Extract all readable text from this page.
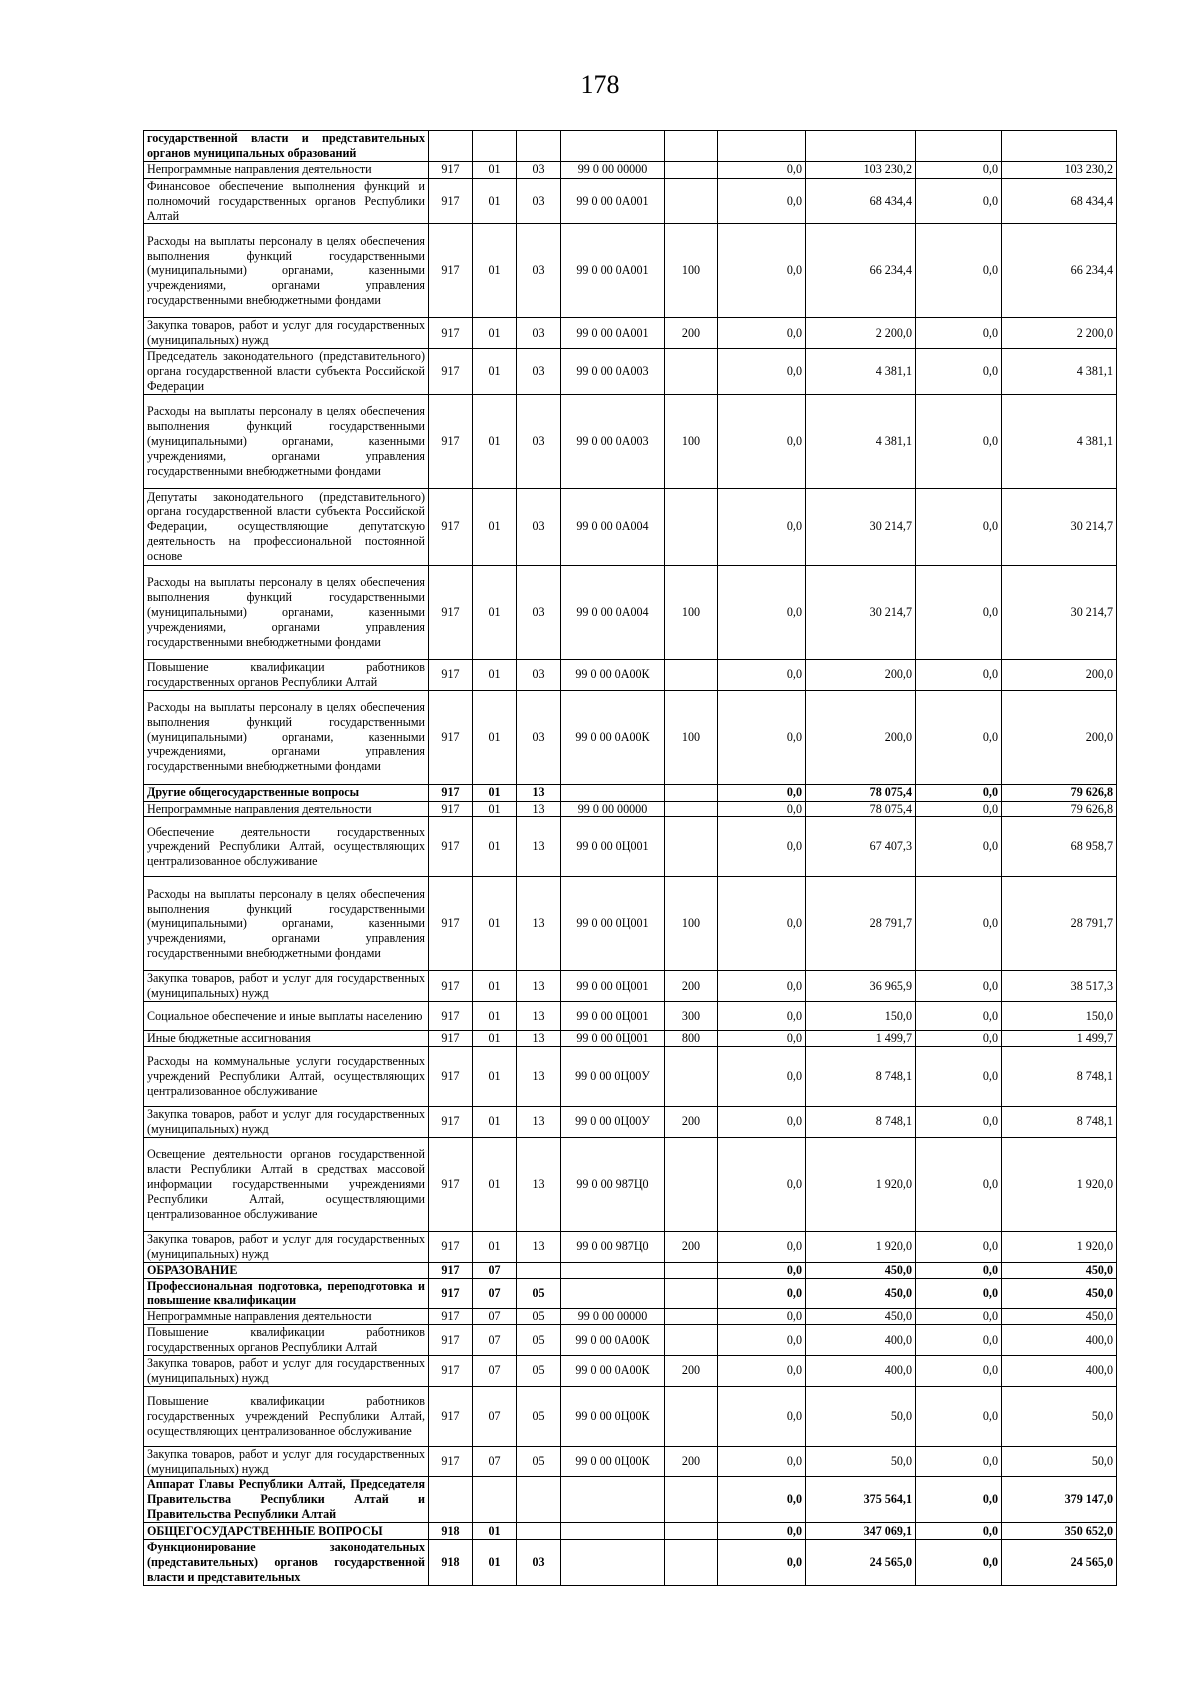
178
государственной власти и представительных органов муниципальных образований									
Непрограммные направления деятельности	917	01	03	99 0 00 00000		0,0	103 230,2	0,0	103 230,2
Финансовое обеспечение выполнения функций и полномочий государственных органов Республики Алтай	917	01	03	99 0 00 0А001		0,0	68 434,4	0,0	68 434,4
Расходы на выплаты персоналу в целях обеспечения выполнения функций государственными (муниципальными) органами, казенными учреждениями, органами управления государственными внебюджетными фондами	917	01	03	99 0 00 0А001	100	0,0	66 234,4	0,0	66 234,4
Закупка товаров, работ и услуг для государственных (муниципальных) нужд	917	01	03	99 0 00 0А001	200	0,0	2 200,0	0,0	2 200,0
Председатель законодательного (представительного) органа государственной власти субъекта Российской Федерации	917	01	03	99 0 00 0А003		0,0	4 381,1	0,0	4 381,1
Расходы на выплаты персоналу в целях обеспечения выполнения функций государственными (муниципальными) органами, казенными учреждениями, органами управления государственными внебюджетными фондами	917	01	03	99 0 00 0А003	100	0,0	4 381,1	0,0	4 381,1
Депутаты законодательного (представительного) органа государственной власти субъекта Российской Федерации, осуществляющие депутатскую деятельность на профессиональной постоянной основе	917	01	03	99 0 00 0А004		0,0	30 214,7	0,0	30 214,7
Расходы на выплаты персоналу в целях обеспечения выполнения функций государственными (муниципальными) органами, казенными учреждениями, органами управления государственными внебюджетными фондами	917	01	03	99 0 00 0А004	100	0,0	30 214,7	0,0	30 214,7
Повышение квалификации работников государственных органов Республики Алтай	917	01	03	99 0 00 0А00К		0,0	200,0	0,0	200,0
Расходы на выплаты персоналу в целях обеспечения выполнения функций государственными (муниципальными) органами, казенными учреждениями, органами управления государственными внебюджетными фондами	917	01	03	99 0 00 0А00К	100	0,0	200,0	0,0	200,0
Другие общегосударственные вопросы	917	01	13			0,0	78 075,4	0,0	79 626,8
Непрограммные направления деятельности	917	01	13	99 0 00 00000		0,0	78 075,4	0,0	79 626,8
Обеспечение деятельности государственных учреждений Республики Алтай, осуществляющих централизованное обслуживание	917	01	13	99 0 00 0Ц001		0,0	67 407,3	0,0	68 958,7
Расходы на выплаты персоналу в целях обеспечения выполнения функций государственными (муниципальными) органами, казенными учреждениями, органами управления государственными внебюджетными фондами	917	01	13	99 0 00 0Ц001	100	0,0	28 791,7	0,0	28 791,7
Закупка товаров, работ и услуг для государственных (муниципальных) нужд	917	01	13	99 0 00 0Ц001	200	0,0	36 965,9	0,0	38 517,3
Социальное обеспечение и иные выплаты населению	917	01	13	99 0 00 0Ц001	300	0,0	150,0	0,0	150,0
Иные бюджетные ассигнования	917	01	13	99 0 00 0Ц001	800	0,0	1 499,7	0,0	1 499,7
Расходы на коммунальные услуги государственных учреждений Республики Алтай, осуществляющих централизованное обслуживание	917	01	13	99 0 00 0Ц00У		0,0	8 748,1	0,0	8 748,1
Закупка товаров, работ и услуг для государственных (муниципальных) нужд	917	01	13	99 0 00 0Ц00У	200	0,0	8 748,1	0,0	8 748,1
Освещение деятельности органов государственной власти Республики Алтай в средствах массовой информации государственными учреждениями Республики Алтай, осуществляющими централизованное обслуживание	917	01	13	99 0 00 987Ц0		0,0	1 920,0	0,0	1 920,0
Закупка товаров, работ и услуг для государственных (муниципальных) нужд	917	01	13	99 0 00 987Ц0	200	0,0	1 920,0	0,0	1 920,0
ОБРАЗОВАНИЕ	917	07				0,0	450,0	0,0	450,0
Профессиональная подготовка, переподготовка и повышение квалификации	917	07	05			0,0	450,0	0,0	450,0
Непрограммные направления деятельности	917	07	05	99 0 00 00000		0,0	450,0	0,0	450,0
Повышение квалификации работников государственных органов Республики Алтай	917	07	05	99 0 00 0А00К		0,0	400,0	0,0	400,0
Закупка товаров, работ и услуг для государственных (муниципальных) нужд	917	07	05	99 0 00 0А00К	200	0,0	400,0	0,0	400,0
Повышение квалификации работников государственных учреждений Республики Алтай, осуществляющих централизованное обслуживание	917	07	05	99 0 00 0Ц00К		0,0	50,0	0,0	50,0
Закупка товаров, работ и услуг для государственных (муниципальных) нужд	917	07	05	99 0 00 0Ц00К	200	0,0	50,0	0,0	50,0
Аппарат Главы Республики Алтай, Председателя Правительства Республики Алтай и Правительства Республики Алтай						0,0	375 564,1	0,0	379 147,0
ОБЩЕГОСУДАРСТВЕННЫЕ ВОПРОСЫ	918	01				0,0	347 069,1	0,0	350 652,0
Функционирование законодательных (представительных) органов государственной власти и представительных	918	01	03			0,0	24 565,0	0,0	24 565,0
